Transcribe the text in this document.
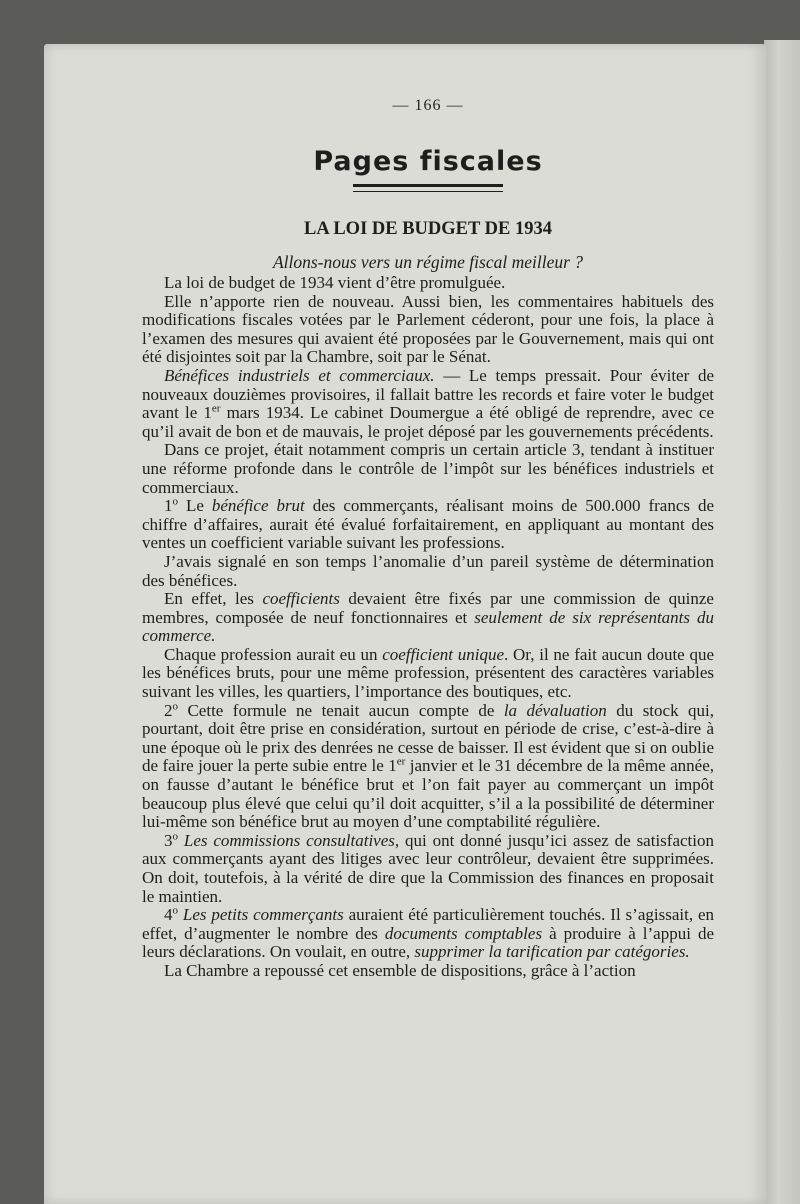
— 166 —
Pages fiscales
LA LOI DE BUDGET DE 1934
Allons-nous vers un régime fiscal meilleur ?

La loi de budget de 1934 vient d’être promulguée.

Elle n’apporte rien de nouveau. Aussi bien, les commentaires habituels des modifications fiscales votées par le Parlement céderont, pour une fois, la place à l’examen des mesures qui avaient été proposées par le Gouvernement, mais qui ont été disjointes soit par la Chambre, soit par le Sénat.

Bénéfices industriels et commerciaux. — Le temps pressait. Pour éviter de nouveaux douzièmes provisoires, il fallait battre les records et faire voter le budget avant le 1er mars 1934. Le cabinet Doumergue a été obligé de reprendre, avec ce qu’il avait de bon et de mauvais, le projet déposé par les gouvernements précédents.

Dans ce projet, était notamment compris un certain article 3, tendant à instituer une réforme profonde dans le contrôle de l’impôt sur les bénéfices industriels et commerciaux.

1$^o$ Le bénéfice brut des commerçants, réalisant moins de 500.000 francs de chiffre d’affaires, aurait été évalué forfaitairement, en appliquant au montant des ventes un coefficient variable suivant les professions.

J’avais signalé en son temps l’anomalie d’un pareil système de détermination des bénéfices.

En effet, les coefficients devaient être fixés par une commission de quinze membres, composée de neuf fonctionnaires et seulement de six représentants du commerce.

Chaque profession aurait eu un coefficient unique. Or, il ne fait aucun doute que les bénéfices bruts, pour une même profession, présentent des caractères variables suivant les villes, les quartiers, l’importance des boutiques, etc.

2$^o$ Cette formule ne tenait aucun compte de la dévaluation du stock qui, pourtant, doit être prise en considération, surtout en période de crise, c’est-à-dire à une époque où le prix des denrées ne cesse de baisser. Il est évident que si on oublie de faire jouer la perte subie entre le 1er janvier et le 31 décembre de la même année, on fausse d’autant le bénéfice brut et l’on fait payer au commerçant un impôt beaucoup plus élevé que celui qu’il doit acquitter, s’il a la possibilité de déterminer lui-même son bénéfice brut au moyen d’une comptabilité régulière.

3$^o$ Les commissions consultatives, qui ont donné jusqu’ici assez de satisfaction aux commerçants ayant des litiges avec leur contrôleur, devaient être supprimées. On doit, toutefois, à la vérité de dire que la Commission des finances en proposait le maintien.

4$^o$ Les petits commerçants auraient été particulièrement touchés. Il s’agissait, en effet, d’augmenter le nombre des documents comptables à produire à l’appui de leurs déclarations. On voulait, en outre, supprimer la tarification par catégories.

La Chambre a repoussé cet ensemble de dispositions, grâce à l’action
